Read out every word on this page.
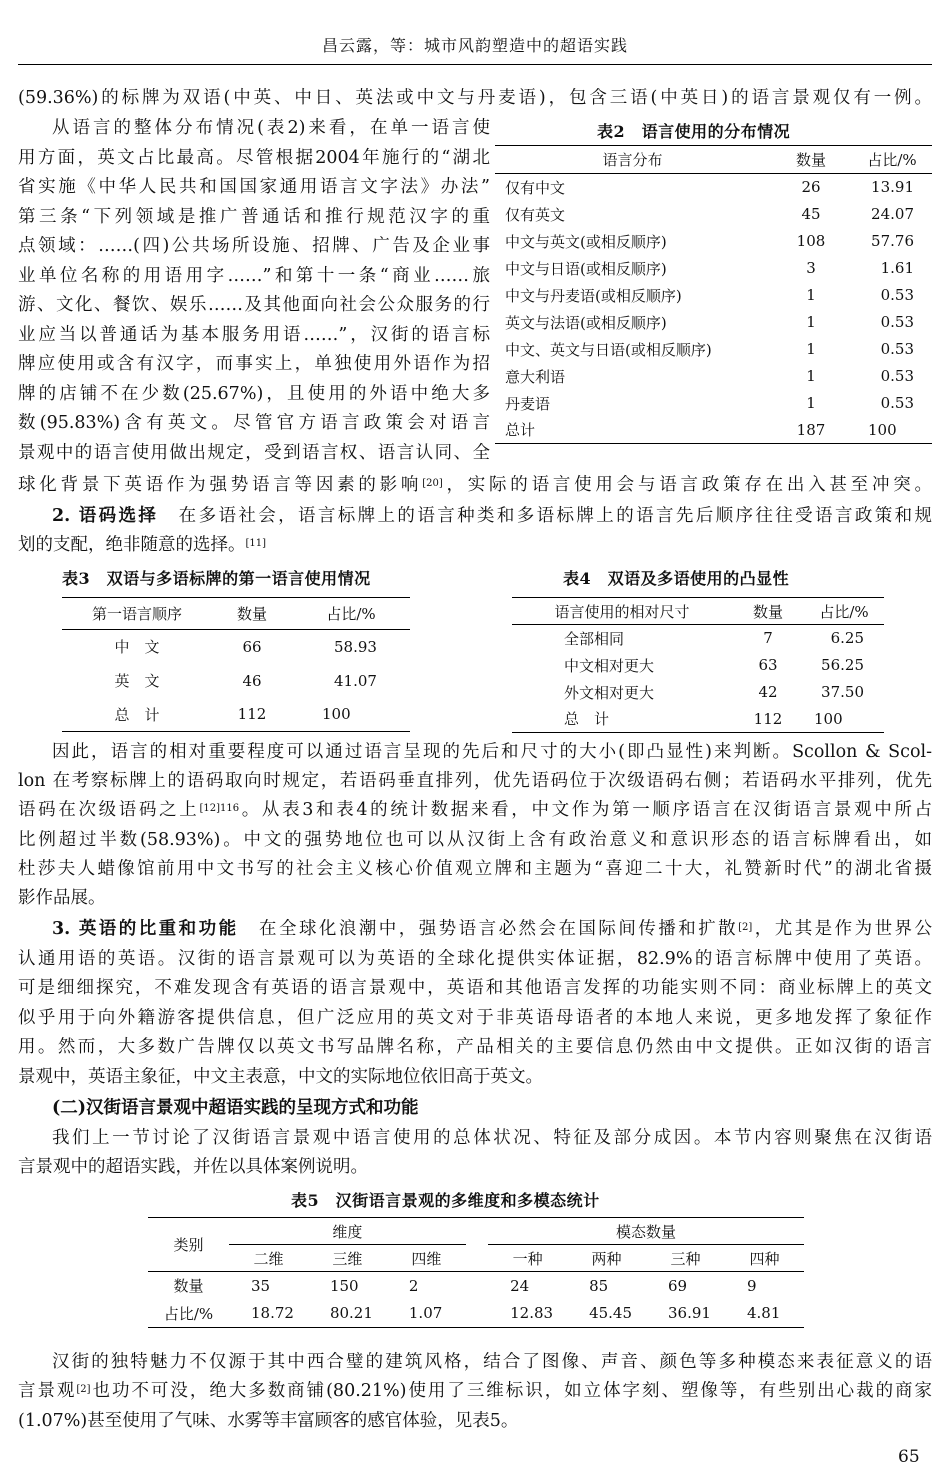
昌云露，等：城市风韵塑造中的超语实践
(59.36%)的标牌为双语(中英、中日、英法或中文与丹麦语)，包含三语(中英日)的语言景观仅有一例。
从语言的整体分布情况(表2)来看，在单一语言使
用方面，英文占比最高。尽管根据2004年施行的“湖北
省实施《中华人民共和国国家通用语言文字法》办法”
第三条“下列领域是推广普通话和推行规范汉字的重
点领域：……(四)公共场所设施、招牌、广告及企业事
业单位名称的用语用字……”和第十一条“商业……旅
游、文化、餐饮、娱乐……及其他面向社会公众服务的行
业应当以普通话为基本服务用语……”，汉街的语言标
牌应使用或含有汉字，而事实上，单独使用外语作为招
牌的店铺不在少数(25.67%)，且使用的外语中绝大多
数(95.83%)含有英文。尽管官方语言政策会对语言
景观中的语言使用做出规定，受到语言权、语言认同、全
表2　语言使用的分布情况
语言分布	数量	占比/%
仅有中文	26	13.91
仅有英文	45	24.07
中文与英文(或相反顺序)	108	57.76
中文与日语(或相反顺序)	3	1.61
中文与丹麦语(或相反顺序)	1	0.53
英文与法语(或相反顺序)	1	0.53
中文、英文与日语(或相反顺序)	1	0.53
意大利语	1	0.53
丹麦语	1	0.53
总计	187	100
球化背景下英语作为强势语言等因素的影响[20]，实际的语言使用会与语言政策存在出入甚至冲突。
2. 语码选择 在多语社会，语言标牌上的语言种类和多语标牌上的语言先后顺序往往受语言政策和规
划的支配，绝非随意的选择。[11]
表3　双语与多语标牌的第一语言使用情况
第一语言顺序	数量	占比/%
中　文	66	58.93
英　文	46	41.07
总　计	112	100
表4　双语及多语使用的凸显性
语言使用的相对尺寸	数量	占比/%
全部相同	7	6.25
中文相对更大	63	56.25
外文相对更大	42	37.50
总　计	112	100
因此，语言的相对重要程度可以通过语言呈现的先后和尺寸的大小(即凸显性)来判断。Scollon & Scol-
lon 在考察标牌上的语码取向时规定，若语码垂直排列，优先语码位于次级语码右侧；若语码水平排列，优先
语码在次级语码之上$^{[12]116}$。从表3和表4的统计数据来看，中文作为第一顺序语言在汉街语言景观中所占
比例超过半数(58.93%)。中文的强势地位也可以从汉街上含有政治意义和意识形态的语言标牌看出，如
杜莎夫人蜡像馆前用中文书写的社会主义核心价值观立牌和主题为“喜迎二十大，礼赞新时代”的湖北省摄
影作品展。
3. 英语的比重和功能 在全球化浪潮中，强势语言必然会在国际间传播和扩散[2]，尤其是作为世界公
认通用语的英语。汉街的语言景观可以为英语的全球化提供实体证据，82.9%的语言标牌中使用了英语。
可是细细探究，不难发现含有英语的语言景观中，英语和其他语言发挥的功能实则不同：商业标牌上的英文
似乎用于向外籍游客提供信息，但广泛应用的英文对于非英语母语者的本地人来说，更多地发挥了象征作
用。然而，大多数广告牌仅以英文书写品牌名称，产品相关的主要信息仍然由中文提供。正如汉街的语言
景观中，英语主象征，中文主表意，中文的实际地位依旧高于英文。
(二)汉街语言景观中超语实践的呈现方式和功能
我们上一节讨论了汉街语言景观中语言使用的总体状况、特征及部分成因。本节内容则聚焦在汉街语
言景观中的超语实践，并佐以具体案例说明。
表5　汉街语言景观的多维度和多模态统计
类别	维度				模态数量			
	二维	三维	四维		一种	两种	三种	四种
数量	35	150	2		24	85	69	9
占比/%	18.72	80.21	1.07		12.83	45.45	36.91	4.81
汉街的独特魅力不仅源于其中西合璧的建筑风格，结合了图像、声音、颜色等多种模态来表征意义的语
言景观[2]也功不可没，绝大多数商铺(80.21%)使用了三维标识，如立体字刻、塑像等，有些别出心裁的商家
(1.07%)甚至使用了气味、水雾等丰富顾客的感官体验，见表5。
65
